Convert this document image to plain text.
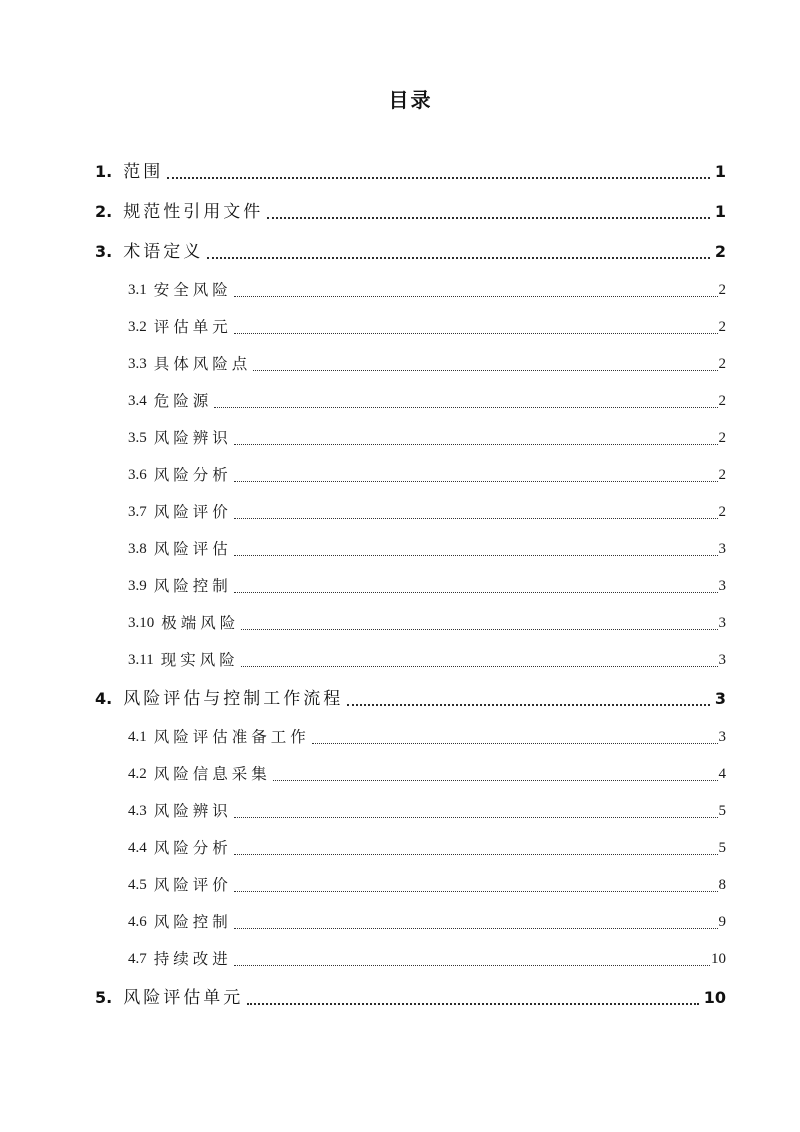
目录
1. 范围	1
2. 规范性引用文件	1
3. 术语定义	2
3.1 安全风险	2
3.2 评估单元	2
3.3 具体风险点	2
3.4 危险源	2
3.5 风险辨识	2
3.6 风险分析	2
3.7 风险评价	2
3.8 风险评估	3
3.9 风险控制	3
3.10 极端风险	3
3.11 现实风险	3
4. 风险评估与控制工作流程	3
4.1 风险评估准备工作	3
4.2 风险信息采集	4
4.3 风险辨识	5
4.4 风险分析	5
4.5 风险评价	8
4.6 风险控制	9
4.7 持续改进	10
5. 风险评估单元	10
